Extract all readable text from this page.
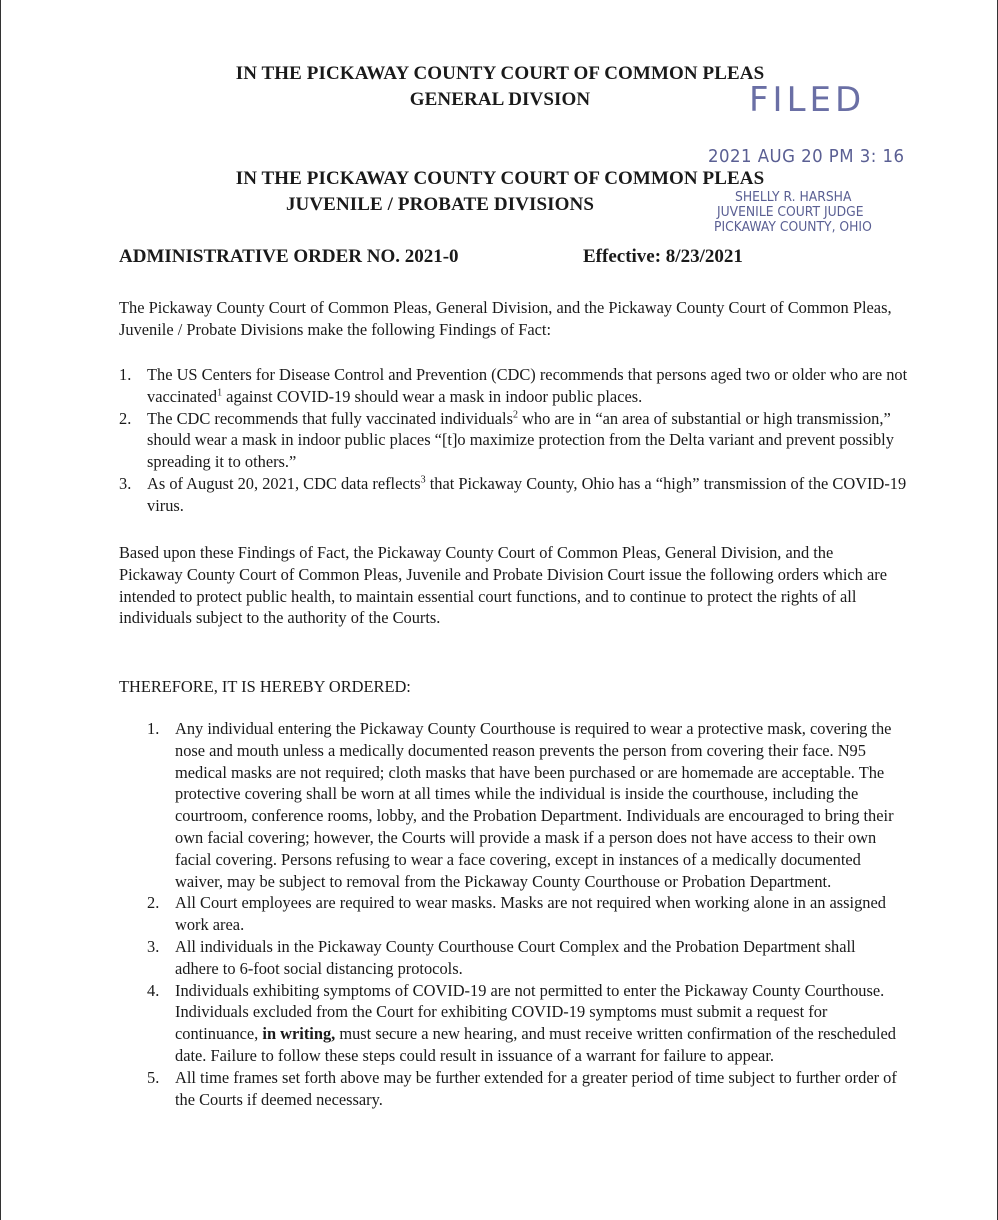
IN THE PICKAWAY COUNTY COURT OF COMMON PLEAS
GENERAL DIVSION	FILED
2021 AUG 20 PM 3: 16
IN THE PICKAWAY COUNTY COURT OF COMMON PLEAS
JUVENILE / PROBATE DIVISIONS	SHELLY R. HARSHA
JUVENILE COURT JUDGE
PICKAWAY COUNTY, OHIO
ADMINISTRATIVE ORDER NO. 2021-0	Effective: 8/23/2021
The Pickaway County Court of Common Pleas, General Division, and the Pickaway County Court of Common Pleas, Juvenile / Probate Divisions make the following Findings of Fact:
1. The US Centers for Disease Control and Prevention (CDC) recommends that persons aged two or older who are not vaccinated$^1$ against COVID-19 should wear a mask in indoor public places.
2. The CDC recommends that fully vaccinated individuals$^2$ who are in “an area of substantial or high transmission,” should wear a mask in indoor public places “[t]o maximize protection from the Delta variant and prevent possibly spreading it to others.”
3. As of August 20, 2021, CDC data reflects$^3$ that Pickaway County, Ohio has a “high” transmission of the COVID-19 virus.
Based upon these Findings of Fact, the Pickaway County Court of Common Pleas, General Division, and the Pickaway County Court of Common Pleas, Juvenile and Probate Division Court issue the following orders which are intended to protect public health, to maintain essential court functions, and to continue to protect the rights of all individuals subject to the authority of the Courts.
THEREFORE, IT IS HEREBY ORDERED:
1. Any individual entering the Pickaway County Courthouse is required to wear a protective mask, covering the nose and mouth unless a medically documented reason prevents the person from covering their face. N95 medical masks are not required; cloth masks that have been purchased or are homemade are acceptable. The protective covering shall be worn at all times while the individual is inside the courthouse, including the courtroom, conference rooms, lobby, and the Probation Department. Individuals are encouraged to bring their own facial covering; however, the Courts will provide a mask if a person does not have access to their own facial covering. Persons refusing to wear a face covering, except in instances of a medically documented waiver, may be subject to removal from the Pickaway County Courthouse or Probation Department.
2. All Court employees are required to wear masks. Masks are not required when working alone in an assigned work area.
3. All individuals in the Pickaway County Courthouse Court Complex and the Probation Department shall adhere to 6-foot social distancing protocols.
4. Individuals exhibiting symptoms of COVID-19 are not permitted to enter the Pickaway County Courthouse. Individuals excluded from the Court for exhibiting COVID-19 symptoms must submit a request for continuance, in writing, must secure a new hearing, and must receive written confirmation of the rescheduled date. Failure to follow these steps could result in issuance of a warrant for failure to appear.
5. All time frames set forth above may be further extended for a greater period of time subject to further order of the Courts if deemed necessary.
